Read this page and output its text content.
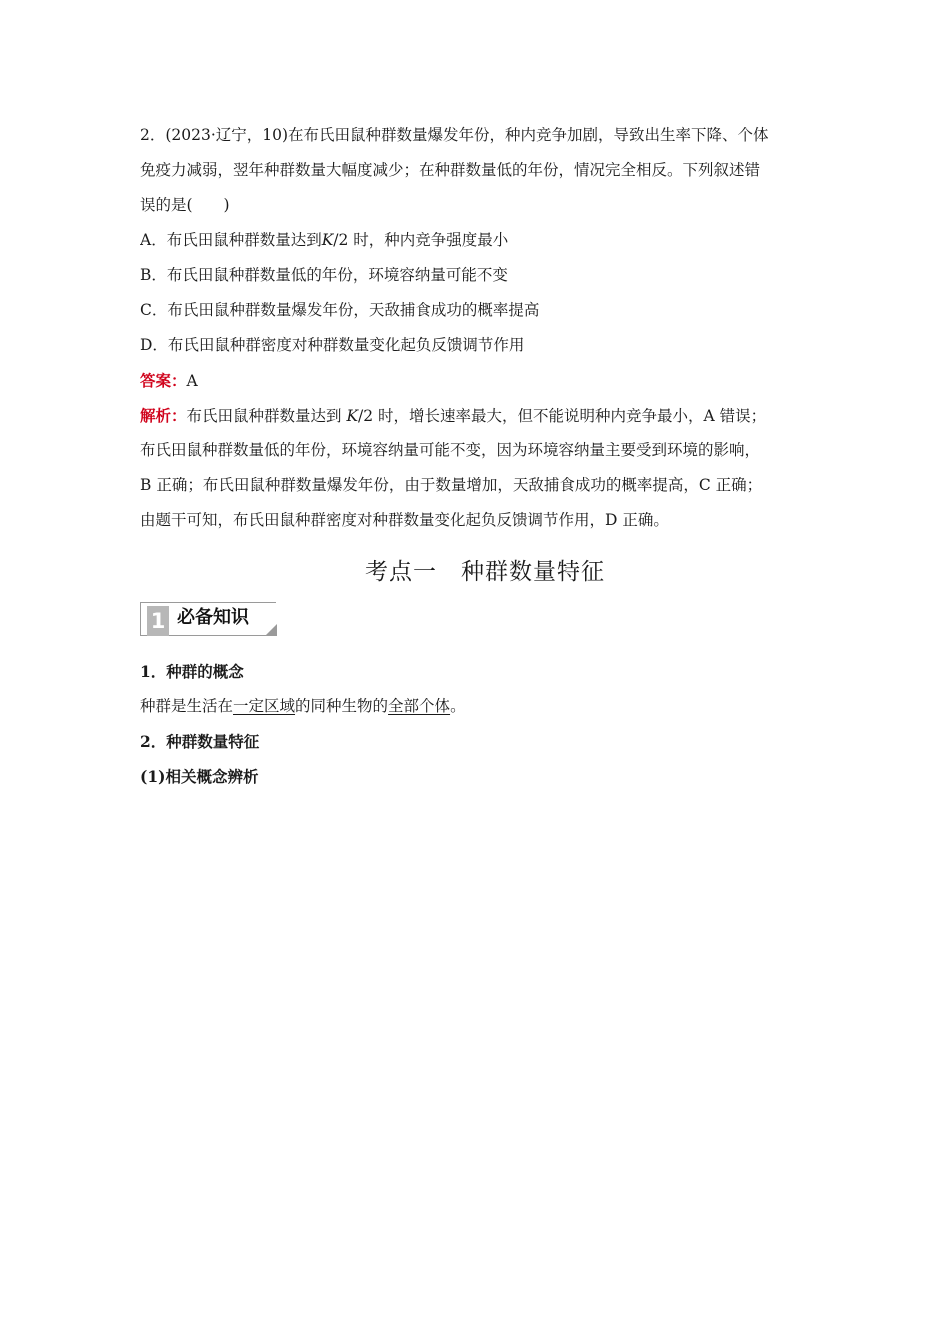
2．(2023·辽宁，10)在布氏田鼠种群数量爆发年份，种内竞争加剧，导致出生率下降、个体
免疫力减弱，翌年种群数量大幅度减少；在种群数量低的年份，情况完全相反。下列叙述错
误的是(　　)
A．布氏田鼠种群数量达到K/2 时，种内竞争强度最小
B．布氏田鼠种群数量低的年份，环境容纳量可能不变
C．布氏田鼠种群数量爆发年份，天敌捕食成功的概率提高
D．布氏田鼠种群密度对种群数量变化起负反馈调节作用
答案：A
解析：布氏田鼠种群数量达到 K/2 时，增长速率最大，但不能说明种内竞争最小，A 错误；
布氏田鼠种群数量低的年份，环境容纳量可能不变，因为环境容纳量主要受到环境的影响，
B 正确；布氏田鼠种群数量爆发年份，由于数量增加，天敌捕食成功的概率提高，C 正确；
由题干可知，布氏田鼠种群密度对种群数量变化起负反馈调节作用，D 正确。
考点一　种群数量特征
1 必备知识
1．种群的概念
种群是生活在一定区域的同种生物的全部个体。
2．种群数量特征
(1)相关概念辨析
